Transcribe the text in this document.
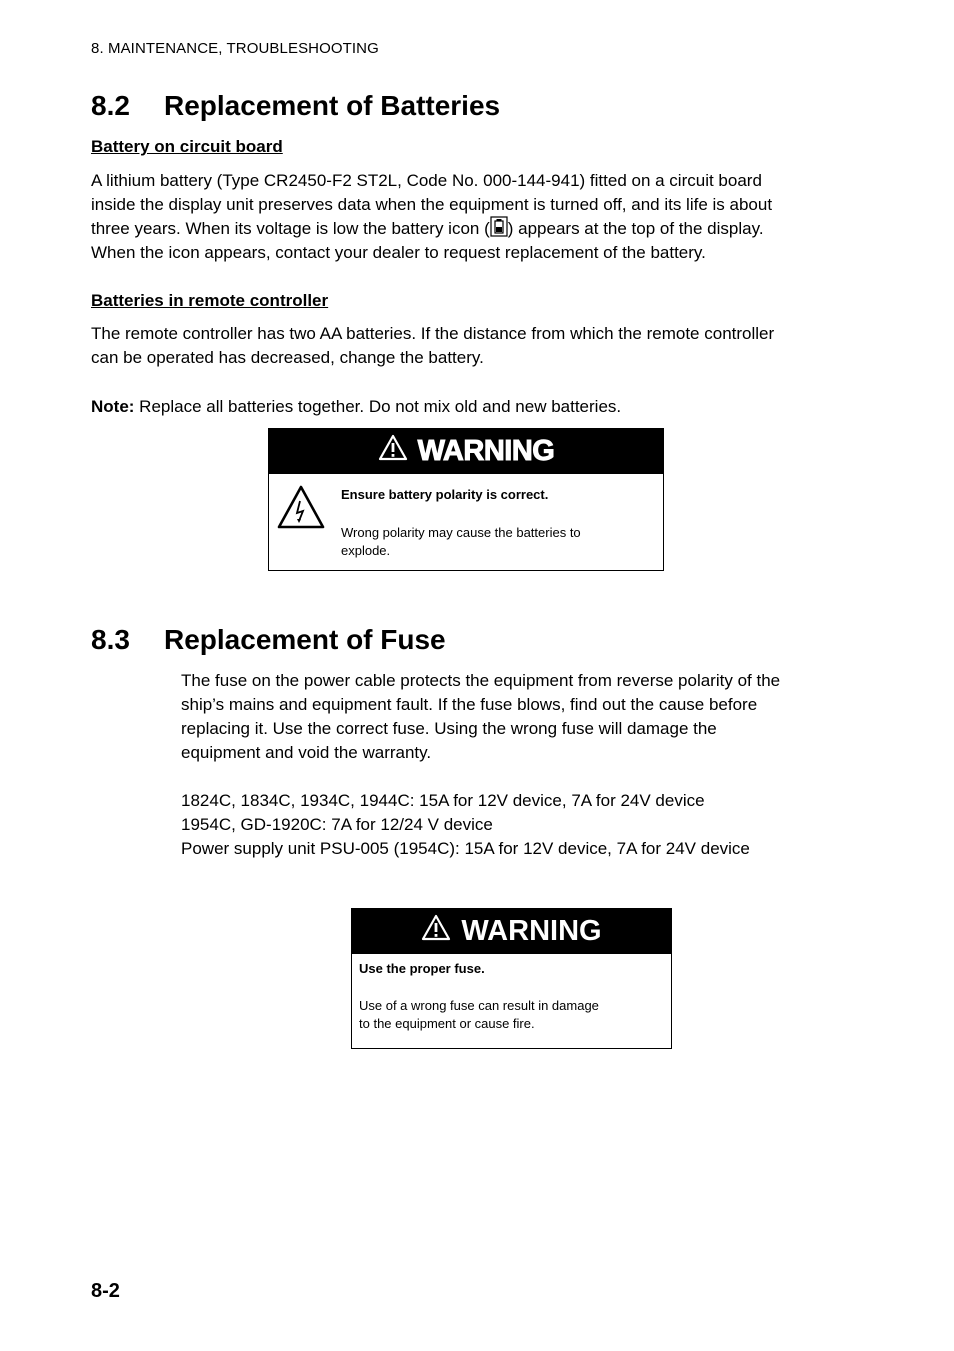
8. MAINTENANCE, TROUBLESHOOTING
8.2 Replacement of Batteries
Battery on circuit board

A lithium battery (Type CR2450-F2 ST2L, Code No. 000-144-941) fitted on a circuit board

inside the display unit preserves data when the equipment is turned off, and its life is about

three years. When its voltage is low the battery icon ( ) appears at the top of the display.

When the icon appears, contact your dealer to request replacement of the battery.

Batteries in remote controller

The remote controller has two AA batteries. If the distance from which the remote controller

can be operated has decreased, change the battery.

Note: Replace all batteries together. Do not mix old and new batteries.
WARNING
Ensure battery polarity is correct.
Wrong polarity may cause the batteries to
explode.
8.3 Replacement of Fuse

The fuse on the power cable protects the equipment from reverse polarity of the

ship’s mains and equipment fault. If the fuse blows, find out the cause before

replacing it. Use the correct fuse. Using the wrong fuse will damage the

equipment and void the warranty.

1824C, 1834C, 1934C, 1944C: 15A for 12V device, 7A for 24V device

1954C, GD-1920C: 7A for 12/24 V device

Power supply unit PSU-005 (1954C): 15A for 12V device, 7A for 24V device

WARNING
Use the proper fuse.
Use of a wrong fuse can result in damage
to the equipment or cause fire.
8-2
